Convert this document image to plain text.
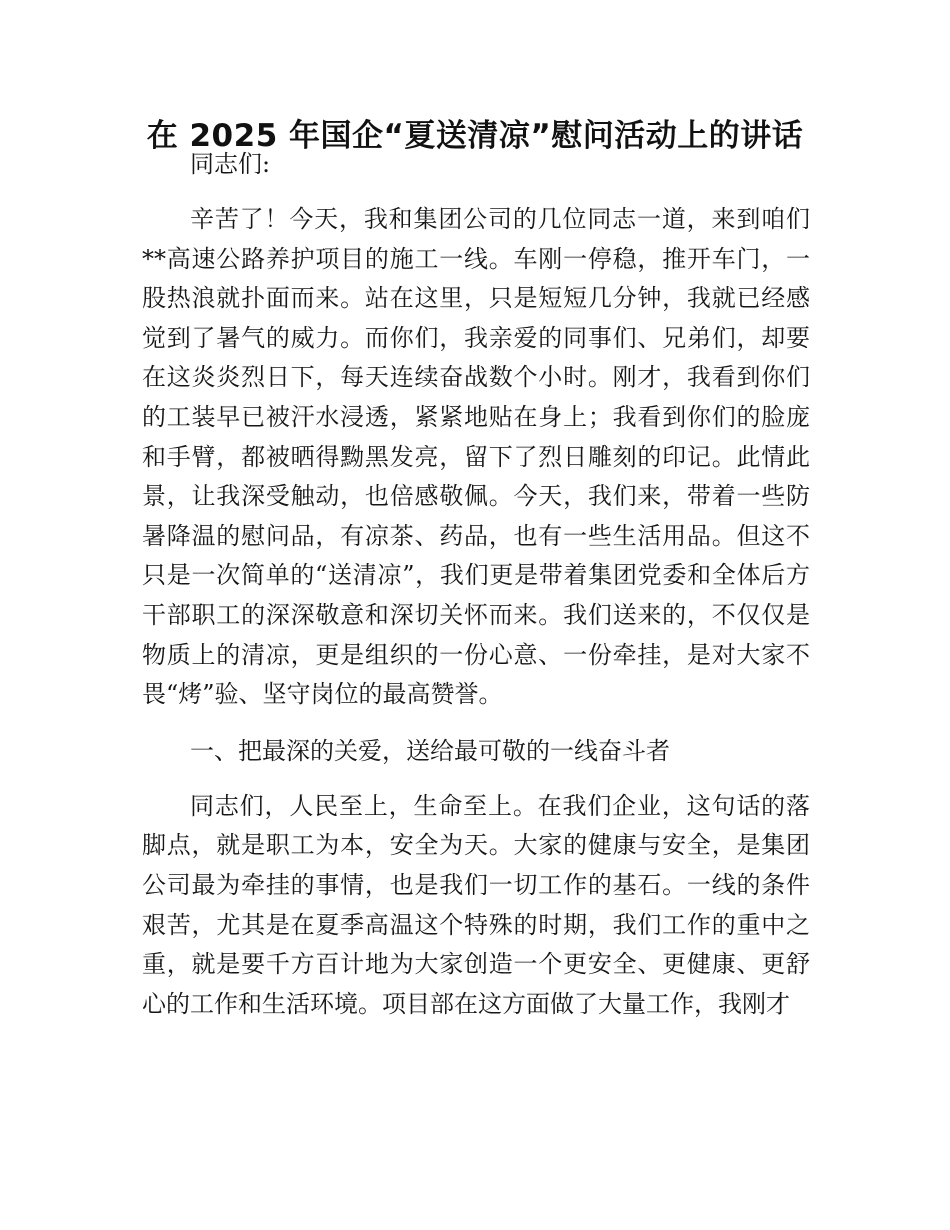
在 2025 年国企“夏送清凉”慰问活动上的讲话

同志们:

辛苦了！今天，我和集团公司的几位同志一道，来到咱们**高速公路养护项目的施工一线。车刚一停稳，推开车门，一股热浪就扑面而来。站在这里，只是短短几分钟，我就已经感觉到了暑气的威力。而你们，我亲爱的同事们、兄弟们，却要在这炎炎烈日下，每天连续奋战数个小时。刚才，我看到你们的工装早已被汗水浸透，紧紧地贴在身上；我看到你们的脸庞和手臂，都被晒得黝黑发亮，留下了烈日雕刻的印记。此情此景，让我深受触动，也倍感敬佩。今天，我们来，带着一些防暑降温的慰问品，有凉茶、药品，也有一些生活用品。但这不只是一次简单的“送清凉”，我们更是带着集团党委和全体后方干部职工的深深敬意和深切关怀而来。我们送来的，不仅仅是物质上的清凉，更是组织的一份心意、一份牵挂，是对大家不畏“烤”验、坚守岗位的最高赞誉。

一、把最深的关爱，送给最可敬的一线奋斗者

同志们，人民至上，生命至上。在我们企业，这句话的落脚点，就是职工为本，安全为天。大家的健康与安全，是集团公司最为牵挂的事情，也是我们一切工作的基石。一线的条件艰苦，尤其是在夏季高温这个特殊的时期，我们工作的重中之重，就是要千方百计地为大家创造一个更安全、更健康、更舒心的工作和生活环境。项目部在这方面做了大量工作，我刚才
